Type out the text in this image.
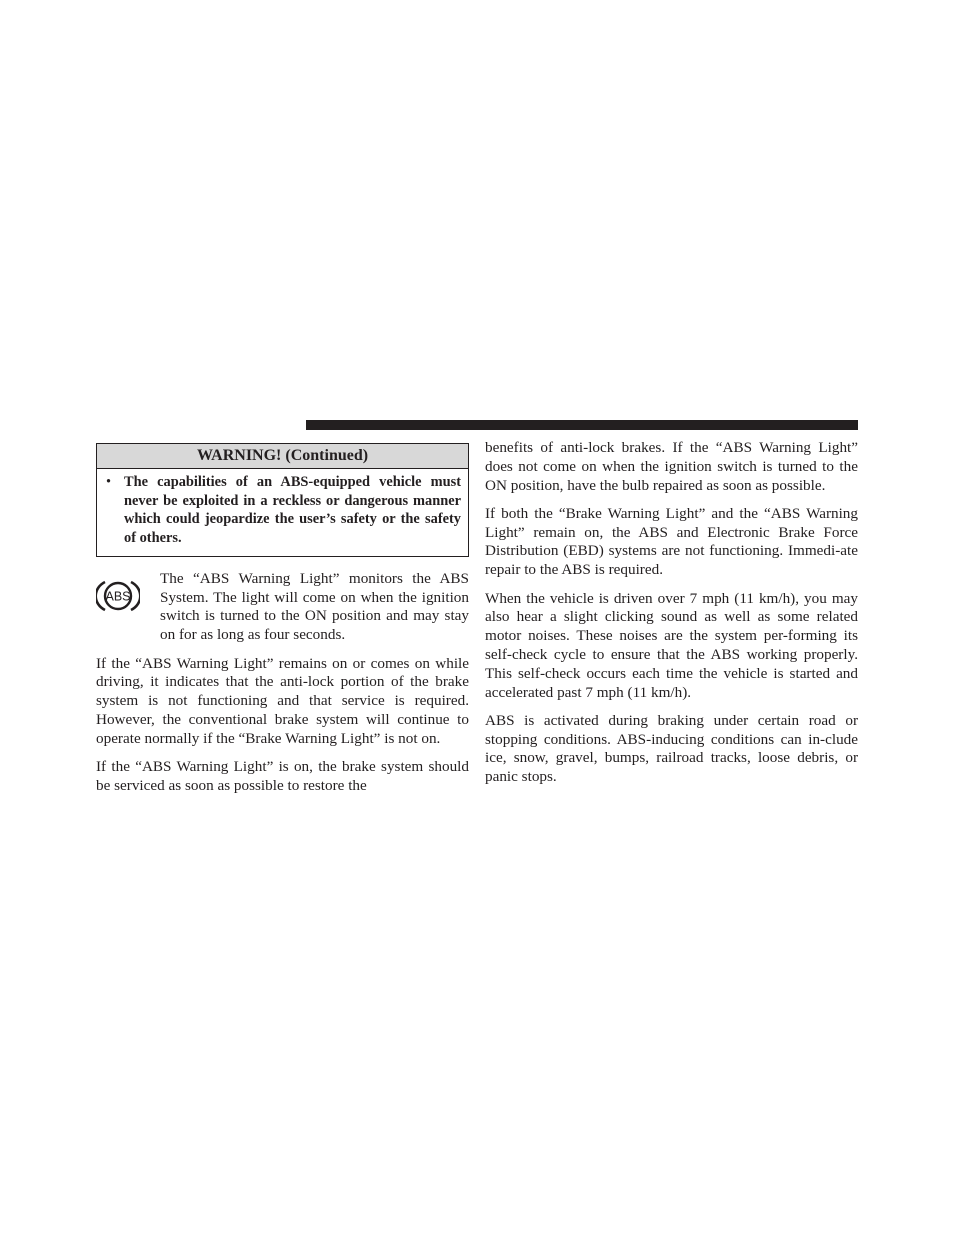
WARNING! (Continued)
• The capabilities of an ABS-equipped vehicle must never be exploited in a reckless or dangerous manner which could jeopardize the user’s safety or the safety of others.
ABS

The “ABS Warning Light” monitors the ABS System. The light will come on when the ignition switch is turned to the ON position and may stay on for as long as four seconds.

If the “ABS Warning Light” remains on or comes on while driving, it indicates that the anti-lock portion of the brake system is not functioning and that service is required. However, the conventional brake system will continue to operate normally if the “Brake Warning Light” is not on.

If the “ABS Warning Light” is on, the brake system should be serviced as soon as possible to restore the

benefits of anti-lock brakes. If the “ABS Warning Light” does not come on when the ignition switch is turned to the ON position, have the bulb repaired as soon as possible.

If both the “Brake Warning Light” and the “ABS Warning Light” remain on, the ABS and Electronic Brake Force Distribution (EBD) systems are not functioning. Immedi-ate repair to the ABS is required.

When the vehicle is driven over 7 mph (11 km/h), you may also hear a slight clicking sound as well as some related motor noises. These noises are the system per-forming its self-check cycle to ensure that the ABS working properly. This self-check occurs each time the vehicle is started and accelerated past 7 mph (11 km/h).

ABS is activated during braking under certain road or stopping conditions. ABS-inducing conditions can in-clude ice, snow, gravel, bumps, railroad tracks, loose debris, or panic stops.
